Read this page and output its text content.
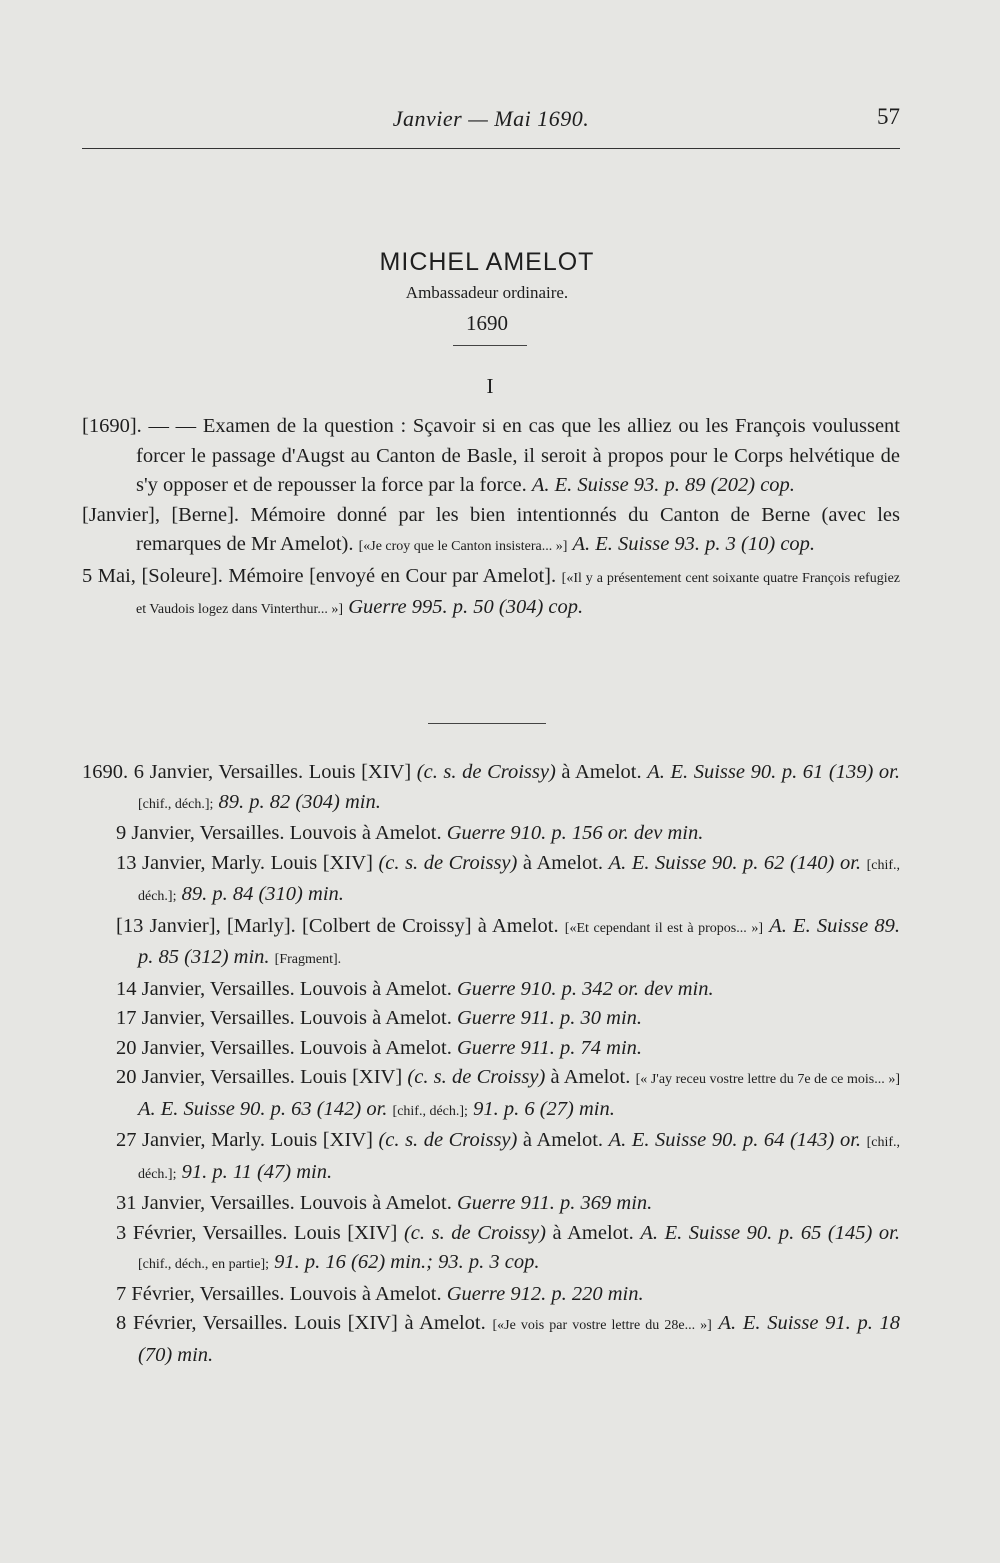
Janvier — Mai 1690.	57
MICHEL AMELOT
Ambassadeur ordinaire.
1690
I

[1690]. — — Examen de la question : Sçavoir si en cas que les alliez ou les François voulussent forcer le passage d'Augst au Canton de Basle, il seroit à propos pour le Corps helvétique de s'y opposer et de repousser la force par la force. A. E. Suisse 93. p. 89 (202) cop.

[Janvier], [Berne]. Mémoire donné par les bien intentionnés du Canton de Berne (avec les remarques de Mr Amelot). [«Je croy que le Canton insistera... »] A. E. Suisse 93. p. 3 (10) cop.

5 Mai, [Soleure]. Mémoire [envoyé en Cour par Amelot]. [«Il y a présentement cent soixante quatre François refugiez et Vaudois logez dans Vinterthur... »] Guerre 995. p. 50 (304) cop.

1690. 6 Janvier, Versailles. Louis [XIV] (c. s. de Croissy) à Amelot. A. E. Suisse 90. p. 61 (139) or. [chif., déch.]; 89. p. 82 (304) min.

9 Janvier, Versailles. Louvois à Amelot. Guerre 910. p. 156 or. dev min.

13 Janvier, Marly. Louis [XIV] (c. s. de Croissy) à Amelot. A. E. Suisse 90. p. 62 (140) or. [chif., déch.]; 89. p. 84 (310) min.

[13 Janvier], [Marly]. [Colbert de Croissy] à Amelot. [«Et cependant il est à propos... »] A. E. Suisse 89. p. 85 (312) min. [Fragment].

14 Janvier, Versailles. Louvois à Amelot. Guerre 910. p. 342 or. dev min.

17 Janvier, Versailles. Louvois à Amelot. Guerre 911. p. 30 min.

20 Janvier, Versailles. Louvois à Amelot. Guerre 911. p. 74 min.

20 Janvier, Versailles. Louis [XIV] (c. s. de Croissy) à Amelot. [« J'ay receu vostre lettre du 7e de ce mois... »] A. E. Suisse 90. p. 63 (142) or. [chif., déch.]; 91. p. 6 (27) min.

27 Janvier, Marly. Louis [XIV] (c. s. de Croissy) à Amelot. A. E. Suisse 90. p. 64 (143) or. [chif., déch.]; 91. p. 11 (47) min.

31 Janvier, Versailles. Louvois à Amelot. Guerre 911. p. 369 min.

3 Février, Versailles. Louis [XIV] (c. s. de Croissy) à Amelot. A. E. Suisse 90. p. 65 (145) or. [chif., déch., en partie]; 91. p. 16 (62) min.; 93. p. 3 cop.

7 Février, Versailles. Louvois à Amelot. Guerre 912. p. 220 min.

8 Février, Versailles. Louis [XIV] à Amelot. [«Je vois par vostre lettre du 28e... »] A. E. Suisse 91. p. 18 (70) min.
